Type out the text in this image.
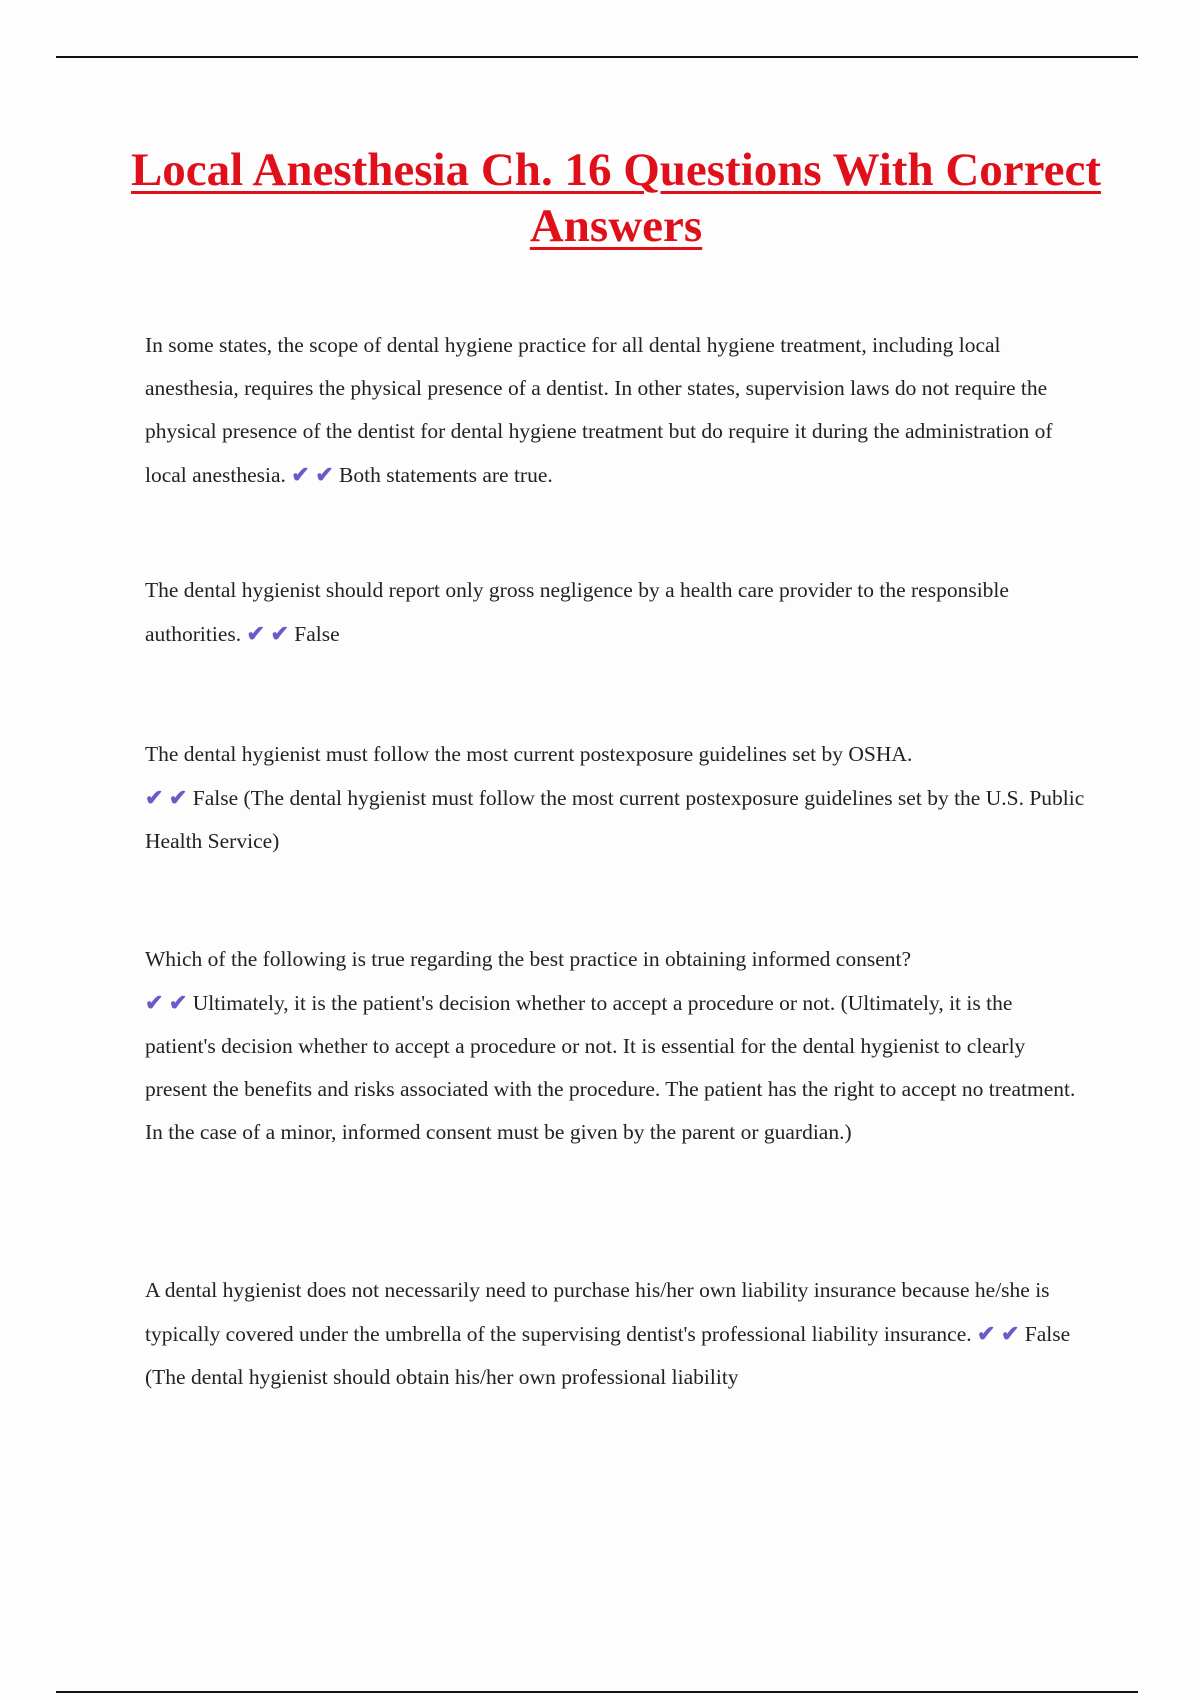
Local Anesthesia Ch. 16 Questions With Correct Answers
In some states, the scope of dental hygiene practice for all dental hygiene treatment, including local anesthesia, requires the physical presence of a dentist. In other states, supervision laws do not require the physical presence of the dentist for dental hygiene treatment but do require it during the administration of local anesthesia. ✔ ✔ Both statements are true.
The dental hygienist should report only gross negligence by a health care provider to the responsible authorities. ✔ ✔ False
The dental hygienist must follow the most current postexposure guidelines set by OSHA.
✔ ✔ False (The dental hygienist must follow the most current postexposure guidelines set by the U.S. Public Health Service)
Which of the following is true regarding the best practice in obtaining informed consent?
✔ ✔ Ultimately, it is the patient's decision whether to accept a procedure or not. (Ultimately, it is the patient's decision whether to accept a procedure or not. It is essential for the dental hygienist to clearly present the benefits and risks associated with the procedure. The patient has the right to accept no treatment. In the case of a minor, informed consent must be given by the parent or guardian.)
A dental hygienist does not necessarily need to purchase his/her own liability insurance because he/she is typically covered under the umbrella of the supervising dentist's professional liability insurance. ✔ ✔ False (The dental hygienist should obtain his/her own professional liability
